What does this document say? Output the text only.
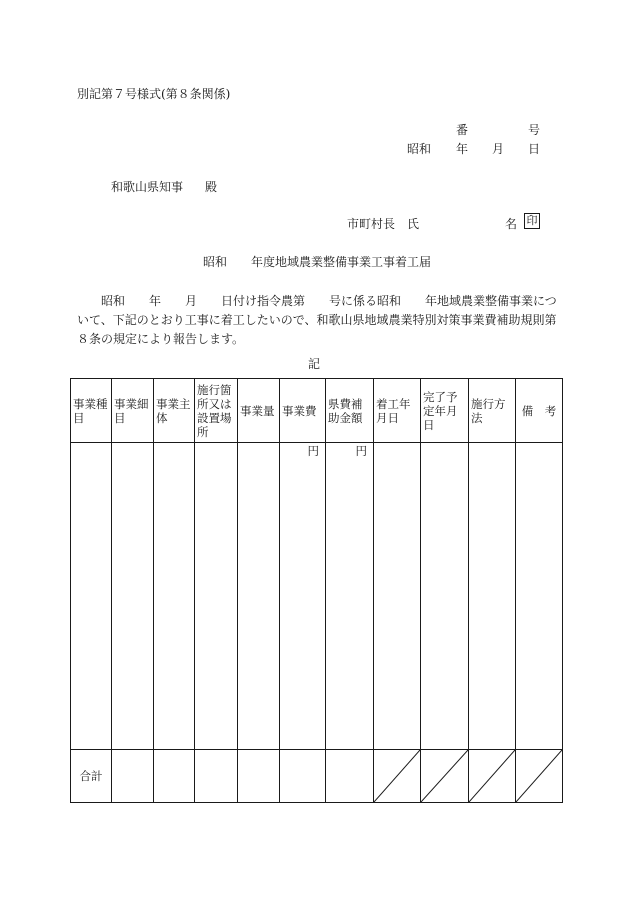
別記第７号様式(第８条関係)
番	号
昭和 年 月 日
和歌山県知事 殿
市町村長　氏	名 印
昭和 年度地域農業整備事業工事着工届
昭和　　年　　月　　日付け指令農第　　号に係る昭和　　年地域農業整備事業について、下記のとおり工事に着工したいので、和歌山県地域農業特別対策事業費補助規則第８条の規定により報告します。
記
事業種目	事業細目	事業主体	施行箇所又は設置場所	事業量	事業費	県費補助金額	着工年月日	完了予定年月日	施行方法	備　考
					円	円				
合計							
